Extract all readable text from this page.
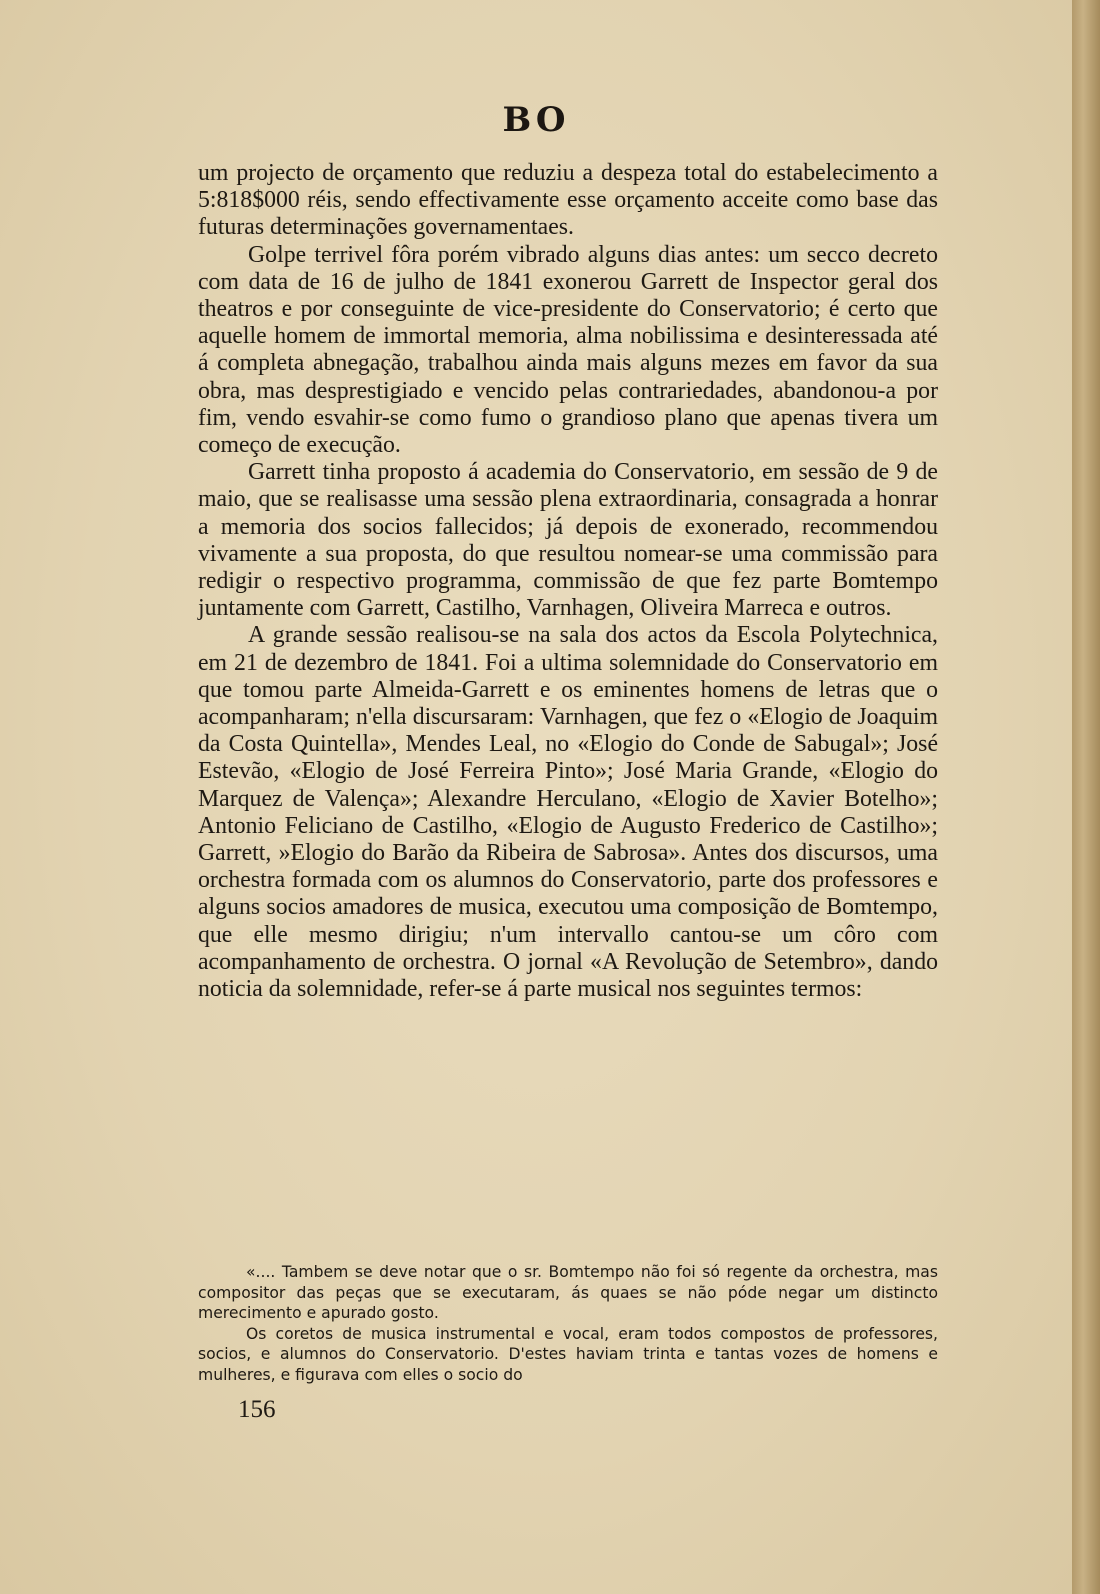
BO

um projecto de orçamento que reduziu a despeza total do estabelecimento a 5:818$000 réis, sendo effectivamente esse orçamento acceite como base das futuras determinações governamentaes.

Golpe terrivel fôra porém vibrado alguns dias antes: um secco decreto com data de 16 de julho de 1841 exonerou Garrett de Inspector geral dos theatros e por conseguinte de vice-presidente do Conservatorio; é certo que aquelle homem de immortal memoria, alma nobilissima e desinteressada até á completa abnegação, trabalhou ainda mais alguns mezes em favor da sua obra, mas desprestigiado e vencido pelas contrariedades, abandonou-a por fim, vendo esvahir-se como fumo o grandioso plano que apenas tivera um começo de execução.

Garrett tinha proposto á academia do Conservatorio, em sessão de 9 de maio, que se realisasse uma sessão plena extraordinaria, consagrada a honrar a memoria dos socios fallecidos; já depois de exonerado, recommendou vivamente a sua proposta, do que resultou nomear-se uma commissão para redigir o respectivo programma, commissão de que fez parte Bomtempo juntamente com Garrett, Castilho, Varnhagen, Oliveira Marreca e outros.

A grande sessão realisou-se na sala dos actos da Escola Polytechnica, em 21 de dezembro de 1841. Foi a ultima solemnidade do Conservatorio em que tomou parte Almeida-Garrett e os eminentes homens de letras que o acompanharam; n'ella discursaram: Varnhagen, que fez o «Elogio de Joaquim da Costa Quintella», Mendes Leal, no «Elogio do Conde de Sabugal»; José Estevão, «Elogio de José Ferreira Pinto»; José Maria Grande, «Elogio do Marquez de Valença»; Alexandre Herculano, «Elogio de Xavier Botelho»; Antonio Feliciano de Castilho, «Elogio de Augusto Frederico de Castilho»; Garrett, »Elogio do Barão da Ribeira de Sabrosa». Antes dos discursos, uma orchestra formada com os alumnos do Conservatorio, parte dos professores e alguns socios amadores de musica, executou uma composição de Bomtempo, que elle mesmo dirigiu; n'um intervallo cantou-se um côro com acompanhamento de orchestra. O jornal «A Revolução de Setembro», dando noticia da solemnidade, refer-se á parte musical nos seguintes termos:

«.... Tambem se deve notar que o sr. Bomtempo não foi só regente da orchestra, mas compositor das peças que se executaram, ás quaes se não póde negar um distincto merecimento e apurado gosto.

Os coretos de musica instrumental e vocal, eram todos compostos de professores, socios, e alumnos do Conservatorio. D'estes haviam trinta e tantas vozes de homens e mulheres, e figurava com elles o socio do

156
